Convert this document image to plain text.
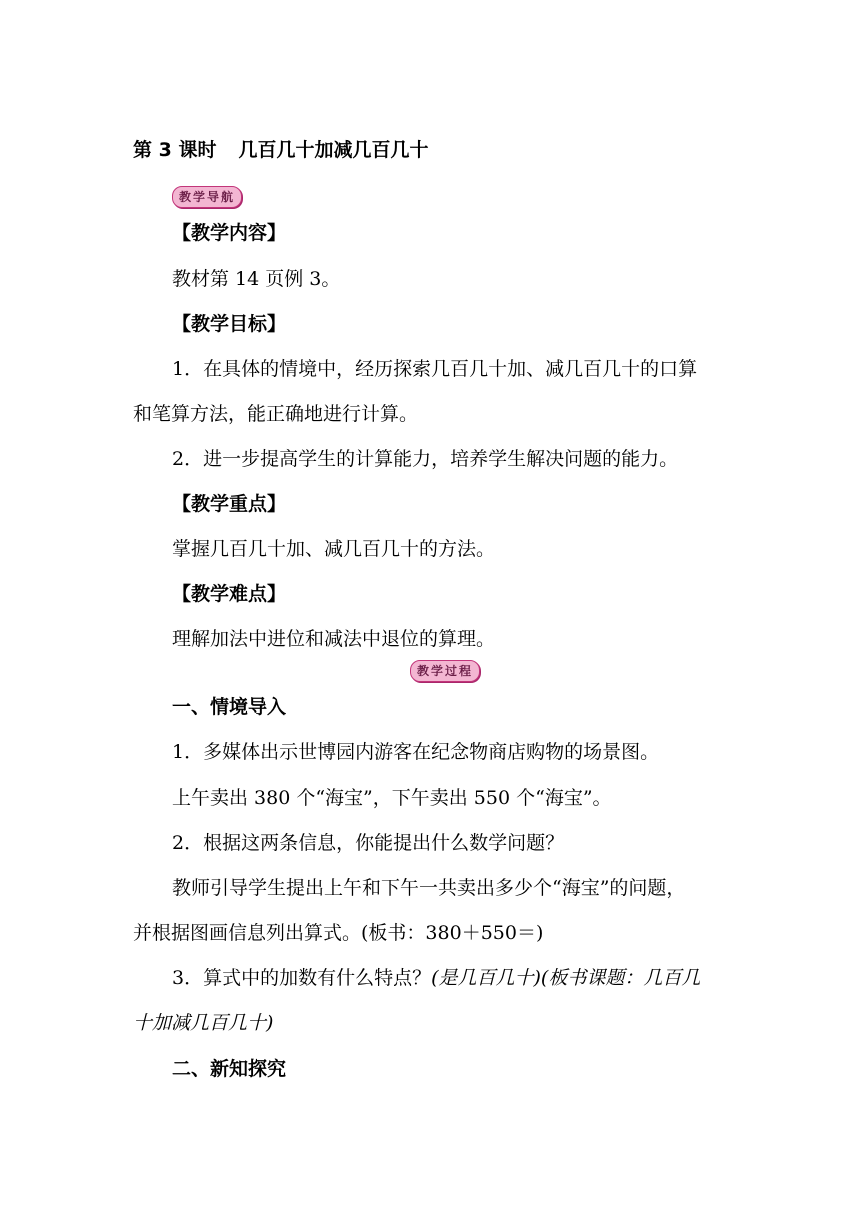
第 3 课时 几百几十加减几百几十
教学导航
【教学内容】
教材第 14 页例 3。
【教学目标】
1．在具体的情境中，经历探索几百几十加、减几百几十的口算
和笔算方法，能正确地进行计算。
2．进一步提高学生的计算能力，培养学生解决问题的能力。
【教学重点】
掌握几百几十加、减几百几十的方法。
【教学难点】
理解加法中进位和减法中退位的算理。
教学过程
一、情境导入
1．多媒体出示世博园内游客在纪念物商店购物的场景图。
上午卖出 380 个“海宝”，下午卖出 550 个“海宝”。
2．根据这两条信息，你能提出什么数学问题？
教师引导学生提出上午和下午一共卖出多少个“海宝”的问题，
并根据图画信息列出算式。(板书：380＋550＝)
3．算式中的加数有什么特点？(是几百几十)(板书课题：几百几
十加减几百几十)
二、新知探究
